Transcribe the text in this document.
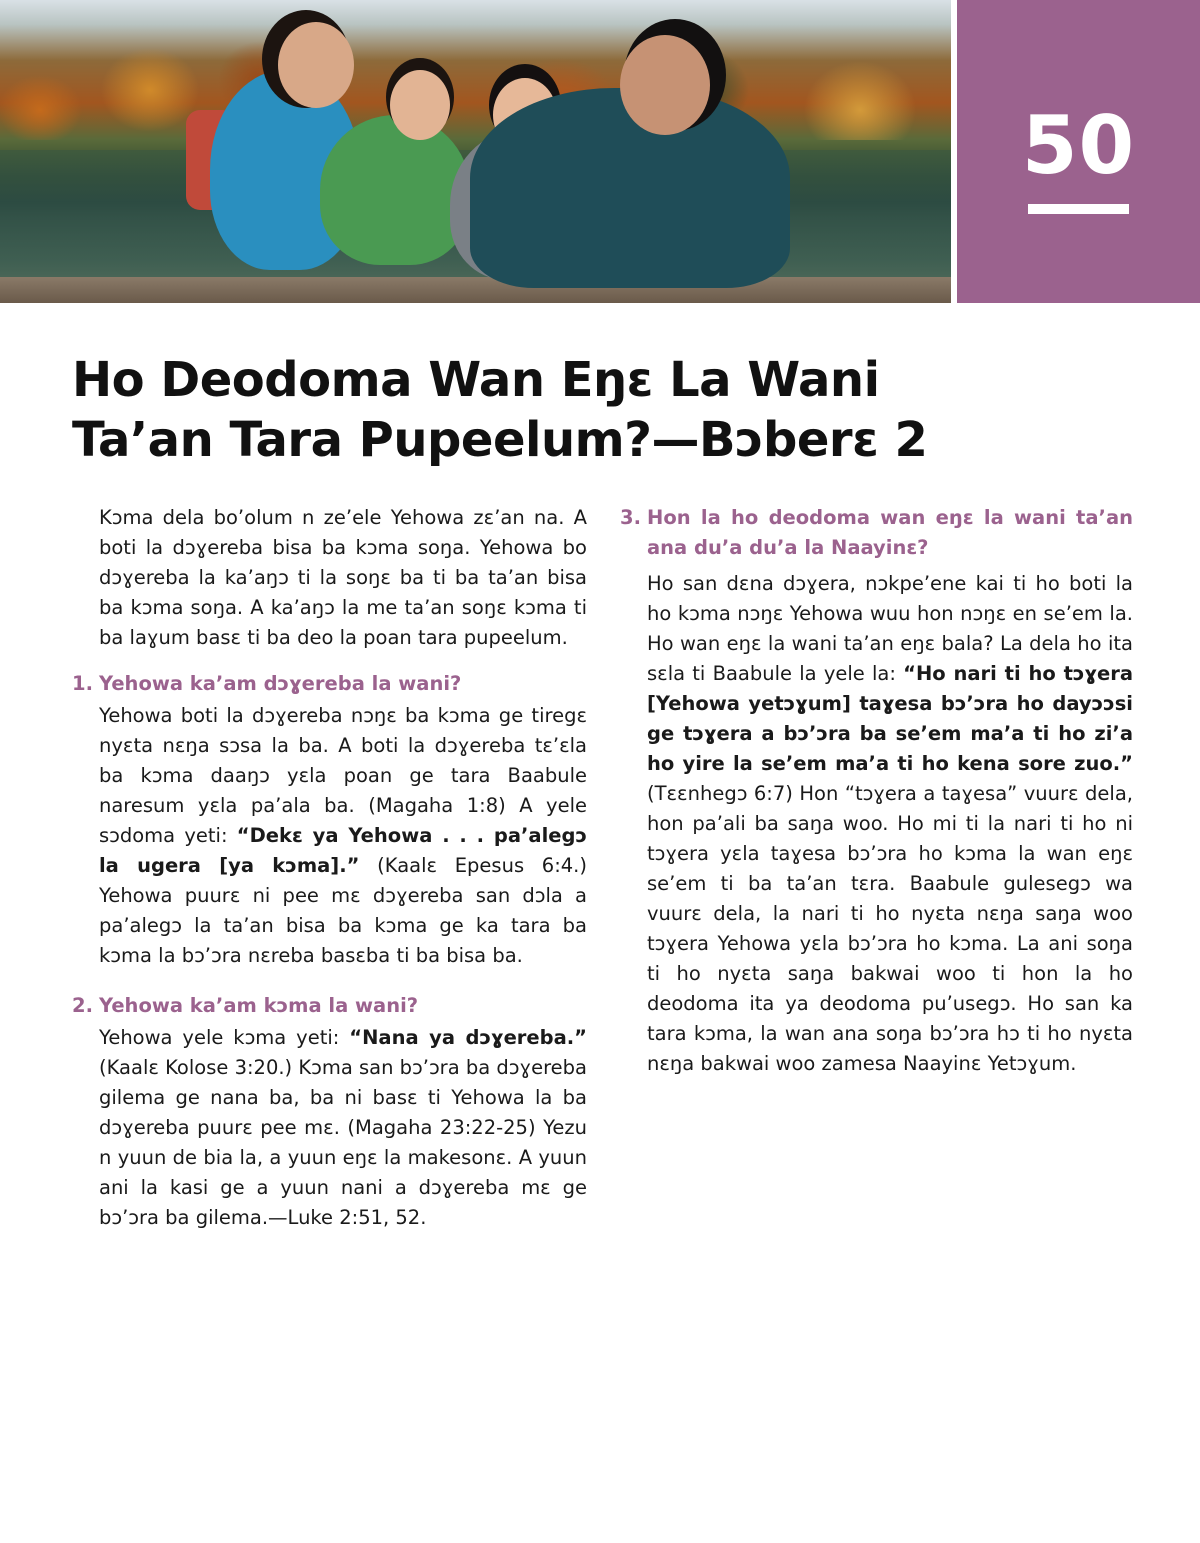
50
Ho Deodoma Wan Eŋɛ La Wani
Ta’an Tara Pupeelum?—Bɔberɛ 2

Kɔma dela bo’olum n ze’ele Yehowa zɛ’an na. A boti la dɔɣereba bisa ba kɔma soŋa. Yehowa bo dɔɣereba la ka’aŋɔ ti la soŋɛ ba ti ba ta’an bisa ba kɔma soŋa. A ka’aŋɔ la me ta’an soŋɛ kɔma ti ba laɣum basɛ ti ba deo la poan tara pupeelum.

1. Yehowa ka’am dɔɣereba la wani?

Yehowa boti la dɔɣereba nɔŋɛ ba kɔma ge tiregɛ nyɛta nɛŋa sɔsa la ba. A boti la dɔɣereba tɛ’ɛla ba kɔma daaŋɔ yɛla poan ge tara Baabule naresum yɛla pa’ala ba. (Magaha 1:8) A yele sɔdoma yeti: “Dekɛ ya Yehowa . . . pa’alegɔ la ugera [ya kɔma].” (Kaalɛ Epesus 6:4.) Yehowa puurɛ ni pee mɛ dɔɣereba san dɔla a pa’alegɔ la ta’an bisa ba kɔma ge ka tara ba kɔma la bɔ’ɔra nɛreba basɛba ti ba bisa ba.

2. Yehowa ka’am kɔma la wani?

Yehowa yele kɔma yeti: “Nana ya dɔɣereba.” (Kaalɛ Kolose 3:20.) Kɔma san bɔ’ɔra ba dɔɣereba gilema ge nana ba, ba ni basɛ ti Yehowa la ba dɔɣereba puurɛ pee mɛ. (Magaha 23:22-25) Yezu n yuun de bia la, a yuun eŋɛ la makesonɛ. A yuun ani la kasi ge a yuun nani a dɔɣereba mɛ ge bɔ’ɔra ba gilema.—Luke 2:51, 52.

3. Hon la ho deodoma wan eŋɛ la wani ta’an ana du’a du’a la Naayinɛ?

Ho san dɛna dɔɣera, nɔkpe’ene kai ti ho boti la ho kɔma nɔŋɛ Yehowa wuu hon nɔŋɛ en se’em la. Ho wan eŋɛ la wani ta’an eŋɛ bala? La dela ho ita sɛla ti Baabule la yele la: “Ho nari ti ho tɔɣera [Yehowa yetɔɣum] taɣesa bɔ’ɔra ho dayɔɔsi ge tɔɣera a bɔ’ɔra ba se’em ma’a ti ho zi’a ho yire la se’em ma’a ti ho kena sore zuo.” (Tɛɛnhegɔ 6:7) Hon “tɔɣera a taɣesa” vuurɛ dela, hon pa’ali ba saŋa woo. Ho mi ti la nari ti ho ni tɔɣera yɛla taɣesa bɔ’ɔra ho kɔma la wan eŋɛ se’em ti ba ta’an tɛra. Baabule gulesegɔ wa vuurɛ dela, la nari ti ho nyɛta nɛŋa saŋa woo tɔɣera Yehowa yɛla bɔ’ɔra ho kɔma. La ani soŋa ti ho nyɛta saŋa bakwai woo ti hon la ho deodoma ita ya deodoma pu’usegɔ. Ho san ka tara kɔma, la wan ana soŋa bɔ’ɔra hɔ ti ho nyɛta nɛŋa bakwai woo zamesa Naayinɛ Yetɔɣum.
